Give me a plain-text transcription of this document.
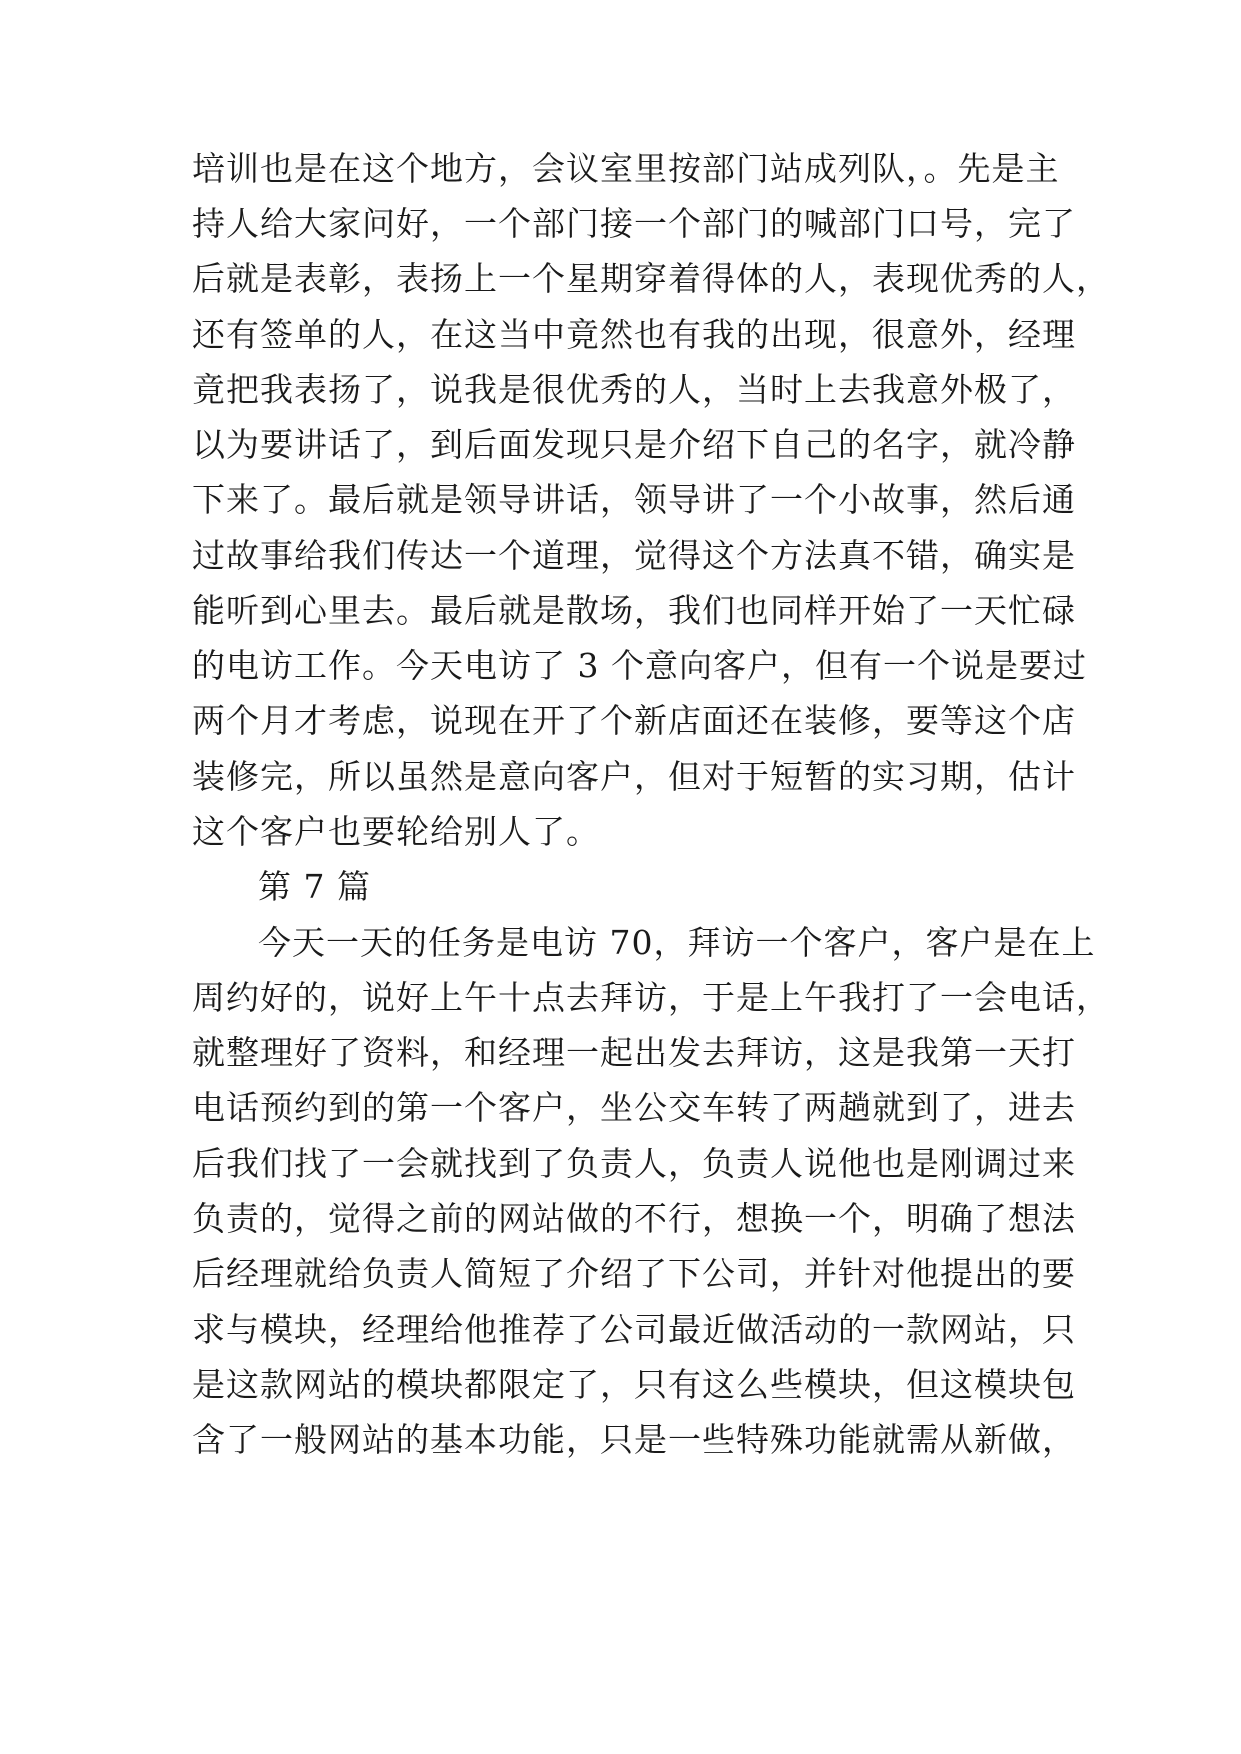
培训也是在这个地方，会议室里按部门站成列队，。先是主
持人给大家问好，一个部门接一个部门的喊部门口号，完了
后就是表彰，表扬上一个星期穿着得体的人，表现优秀的人，
还有签单的人，在这当中竟然也有我的出现，很意外，经理
竟把我表扬了，说我是很优秀的人，当时上去我意外极了，
以为要讲话了，到后面发现只是介绍下自己的名字，就冷静
下来了。最后就是领导讲话，领导讲了一个小故事，然后通
过故事给我们传达一个道理，觉得这个方法真不错，确实是
能听到心里去。最后就是散场，我们也同样开始了一天忙碌
的电访工作。今天电访了 3 个意向客户，但有一个说是要过
两个月才考虑，说现在开了个新店面还在装修，要等这个店
装修完，所以虽然是意向客户，但对于短暂的实习期，估计
这个客户也要轮给别人了。
第 7 篇
今天一天的任务是电访 70，拜访一个客户，客户是在上
周约好的，说好上午十点去拜访，于是上午我打了一会电话，
就整理好了资料，和经理一起出发去拜访，这是我第一天打
电话预约到的第一个客户，坐公交车转了两趟就到了，进去
后我们找了一会就找到了负责人，负责人说他也是刚调过来
负责的，觉得之前的网站做的不行，想换一个，明确了想法
后经理就给负责人简短了介绍了下公司，并针对他提出的要
求与模块，经理给他推荐了公司最近做活动的一款网站，只
是这款网站的模块都限定了，只有这么些模块，但这模块包
含了一般网站的基本功能，只是一些特殊功能就需从新做，
